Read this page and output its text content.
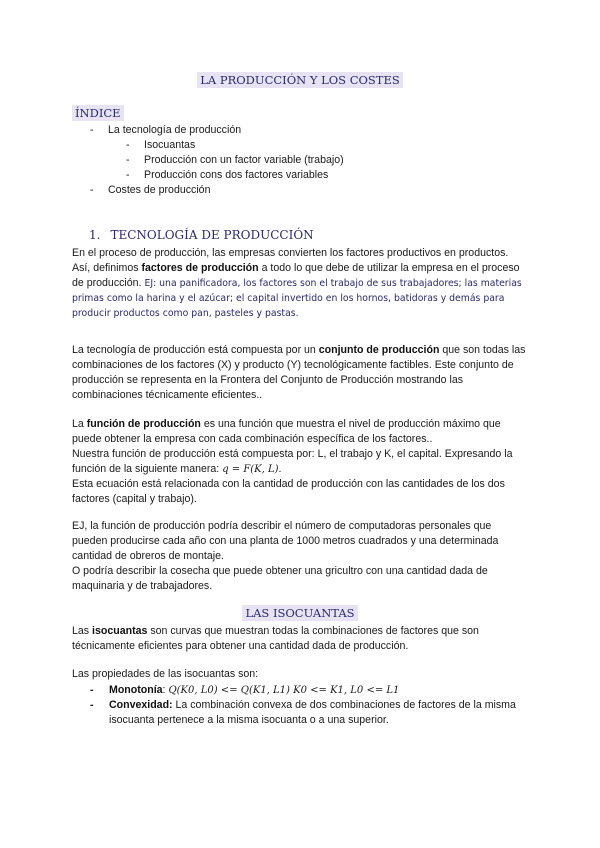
LA PRODUCCIÓN Y LOS COSTES
ÍNDICE
- La tecnología de producción
- Isocuantas
- Producción con un factor variable (trabajo)
- Producción cons dos factores variables
- Costes de producción
1. TECNOLOGÍA DE PRODUCCIÓN

En el proceso de producción, las empresas convierten los factores productivos en productos.

Así, definimos factores de producción a todo lo que debe de utilizar la empresa en el proceso de producción. EJ: una panificadora, los factores son el trabajo de sus trabajadores; las materias primas como la harina y el azúcar; el capital invertido en los hornos, batidoras y demás para producir productos como pan, pasteles y pastas.

La tecnología de producción está compuesta por un conjunto de producción que son todas las combinaciones de los factores (X) y producto (Y) tecnológicamente factibles. Este conjunto de producción se representa en la Frontera del Conjunto de Producción mostrando las combinaciones técnicamente eficientes..

La función de producción es una función que muestra el nivel de producción máximo que puede obtener la empresa con cada combinación específica de los factores..

Nuestra función de producción está compuesta por: L, el trabajo y K, el capital. Expresando la función de la siguiente manera: q = F(K, L).

Esta ecuación está relacionada con la cantidad de producción con las cantidades de los dos factores (capital y trabajo).

EJ, la función de producción podría describir el número de computadoras personales que pueden producirse cada año con una planta de 1000 metros cuadrados y una determinada cantidad de obreros de montaje.

O podría describir la cosecha que puede obtener una gricultro con una cantidad dada de maquinaria y de trabajadores.

LAS ISOCUANTAS

Las isocuantas son curvas que muestran todas la combinaciones de factores que son técnicamente eficientes para obtener una cantidad dada de producción.

Las propiedades de las isocuantas son:

- Monotonía: Q(K0, L0) <= Q(K1, L1) K0 <= K1, L0 <= L1
- Convexidad: La combinación convexa de dos combinaciones de factores de la misma isocuanta pertenece a la misma isocuanta o a una superior.
